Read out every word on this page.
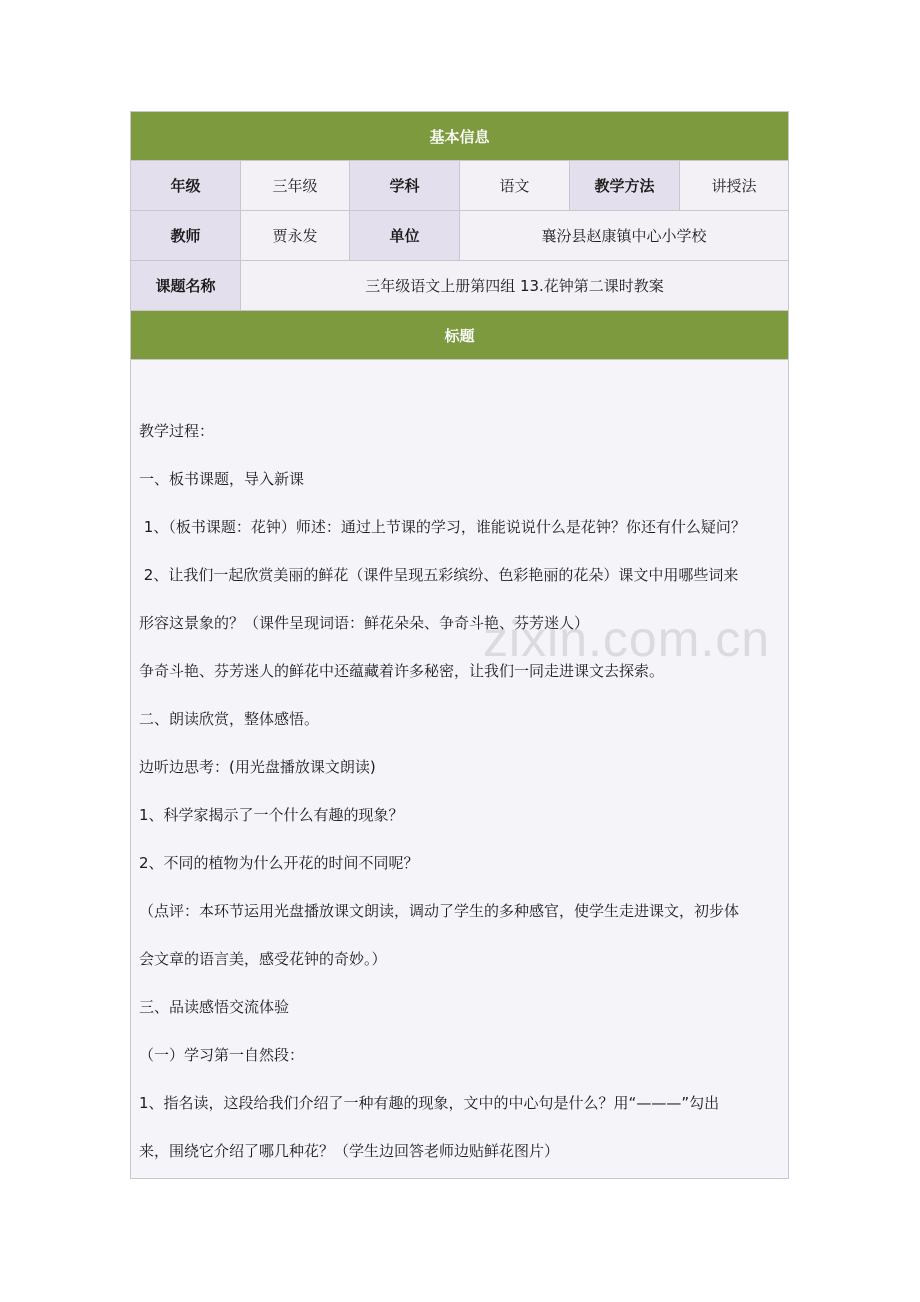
基本信息
年级	三年级	学科	语文	教学方法	讲授法
教师	贾永发	单位	襄汾县赵康镇中心小学校
课题名称	三年级语文上册第四组 13.花钟第二课时教案
标题

教学过程：

一、板书课题，导入新课

1、（板书课题：花钟）师述：通过上节课的学习，谁能说说什么是花钟？你还有什么疑问？

2、让我们一起欣赏美丽的鲜花（课件呈现五彩缤纷、色彩艳丽的花朵）课文中用哪些词来

形容这景象的？（课件呈现词语：鲜花朵朵、争奇斗艳、芬芳迷人）

争奇斗艳、芬芳迷人的鲜花中还蕴藏着许多秘密，让我们一同走进课文去探索。

二、朗读欣赏，整体感悟。

边听边思考：(用光盘播放课文朗读)

1、科学家揭示了一个什么有趣的现象？

2、不同的植物为什么开花的时间不同呢？

（点评：本环节运用光盘播放课文朗读，调动了学生的多种感官，使学生走进课文，初步体

会文章的语言美，感受花钟的奇妙。）

三、品读感悟交流体验

（一）学习第一自然段：

1、指名读，这段给我们介绍了一种有趣的现象，文中的中心句是什么？用“———”勾出

来，围绕它介绍了哪几种花？（学生边回答老师边贴鲜花图片）

zixin.com.cn
